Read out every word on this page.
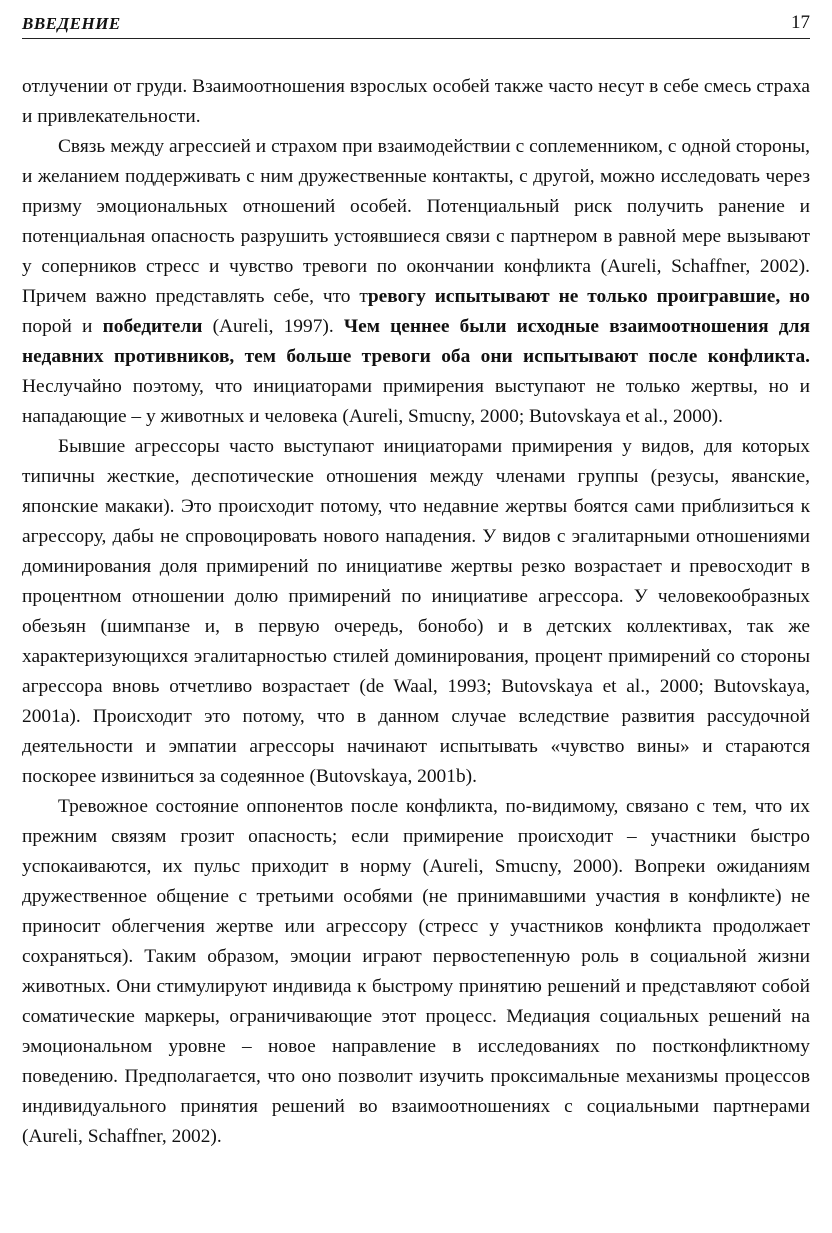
ВВЕДЕНИЕ	17

отлучении от груди. Взаимоотношения взрослых особей также часто несут в себе смесь страха и привлекательности.

Связь между агрессией и страхом при взаимодействии с соплеменником, с одной стороны, и желанием поддерживать с ним дружественные контакты, с другой, можно исследовать через призму эмоциональных отношений особей. Потенциальный риск получить ранение и потенциальная опасность разрушить устоявшиеся связи с партнером в равной мере вызывают у соперников стресс и чувство тревоги по окончании конфликта (Aureli, Schaffner, 2002). Причем важно представлять себе, что тревогу испытывают не только проигравшие, но порой и победители (Aureli, 1997). Чем ценнее были исходные взаимоотношения для недавних противников, тем больше тревоги оба они испытывают после конфликта. Неслучайно поэтому, что инициаторами примирения выступают не только жертвы, но и нападающие – у животных и человека (Aureli, Smucny, 2000; Butovskaya et al., 2000).

Бывшие агрессоры часто выступают инициаторами примирения у видов, для которых типичны жесткие, деспотические отношения между членами группы (резусы, яванские, японские макаки). Это происходит потому, что недавние жертвы боятся сами приблизиться к агрессору, дабы не спровоцировать нового нападения. У видов с эгалитарными отношениями доминирования доля примирений по инициативе жертвы резко возрастает и превосходит в процентном отношении долю примирений по инициативе агрессора. У человекообразных обезьян (шимпанзе и, в первую очередь, бонобо) и в детских коллективах, так же характеризующихся эгалитарностью стилей доминирования, процент примирений со стороны агрессора вновь отчетливо возрастает (de Waal, 1993; Butovskaya et al., 2000; Butovskaya, 2001a). Происходит это потому, что в данном случае вследствие развития рассудочной деятельности и эмпатии агрессоры начинают испытывать «чувство вины» и стараются поскорее извиниться за содеянное (Butovskaya, 2001b).

Тревожное состояние оппонентов после конфликта, по-видимому, связано с тем, что их прежним связям грозит опасность; если примирение происходит – участники быстро успокаиваются, их пульс приходит в норму (Aureli, Smucny, 2000). Вопреки ожиданиям дружественное общение с третьими особями (не принимавшими участия в конфликте) не приносит облегчения жертве или агрессору (стресс у участников конфликта продолжает сохраняться). Таким образом, эмоции играют первостепенную роль в социальной жизни животных. Они стимулируют индивида к быстрому принятию решений и представляют собой соматические маркеры, ограничивающие этот процесс. Медиация социальных решений на эмоциональном уровне – новое направление в исследованиях по постконфликтному поведению. Предполагается, что оно позволит изучить проксимальные механизмы процессов индивидуального принятия решений во взаимоотношениях с социальными партнерами (Aureli, Schaffner, 2002).
